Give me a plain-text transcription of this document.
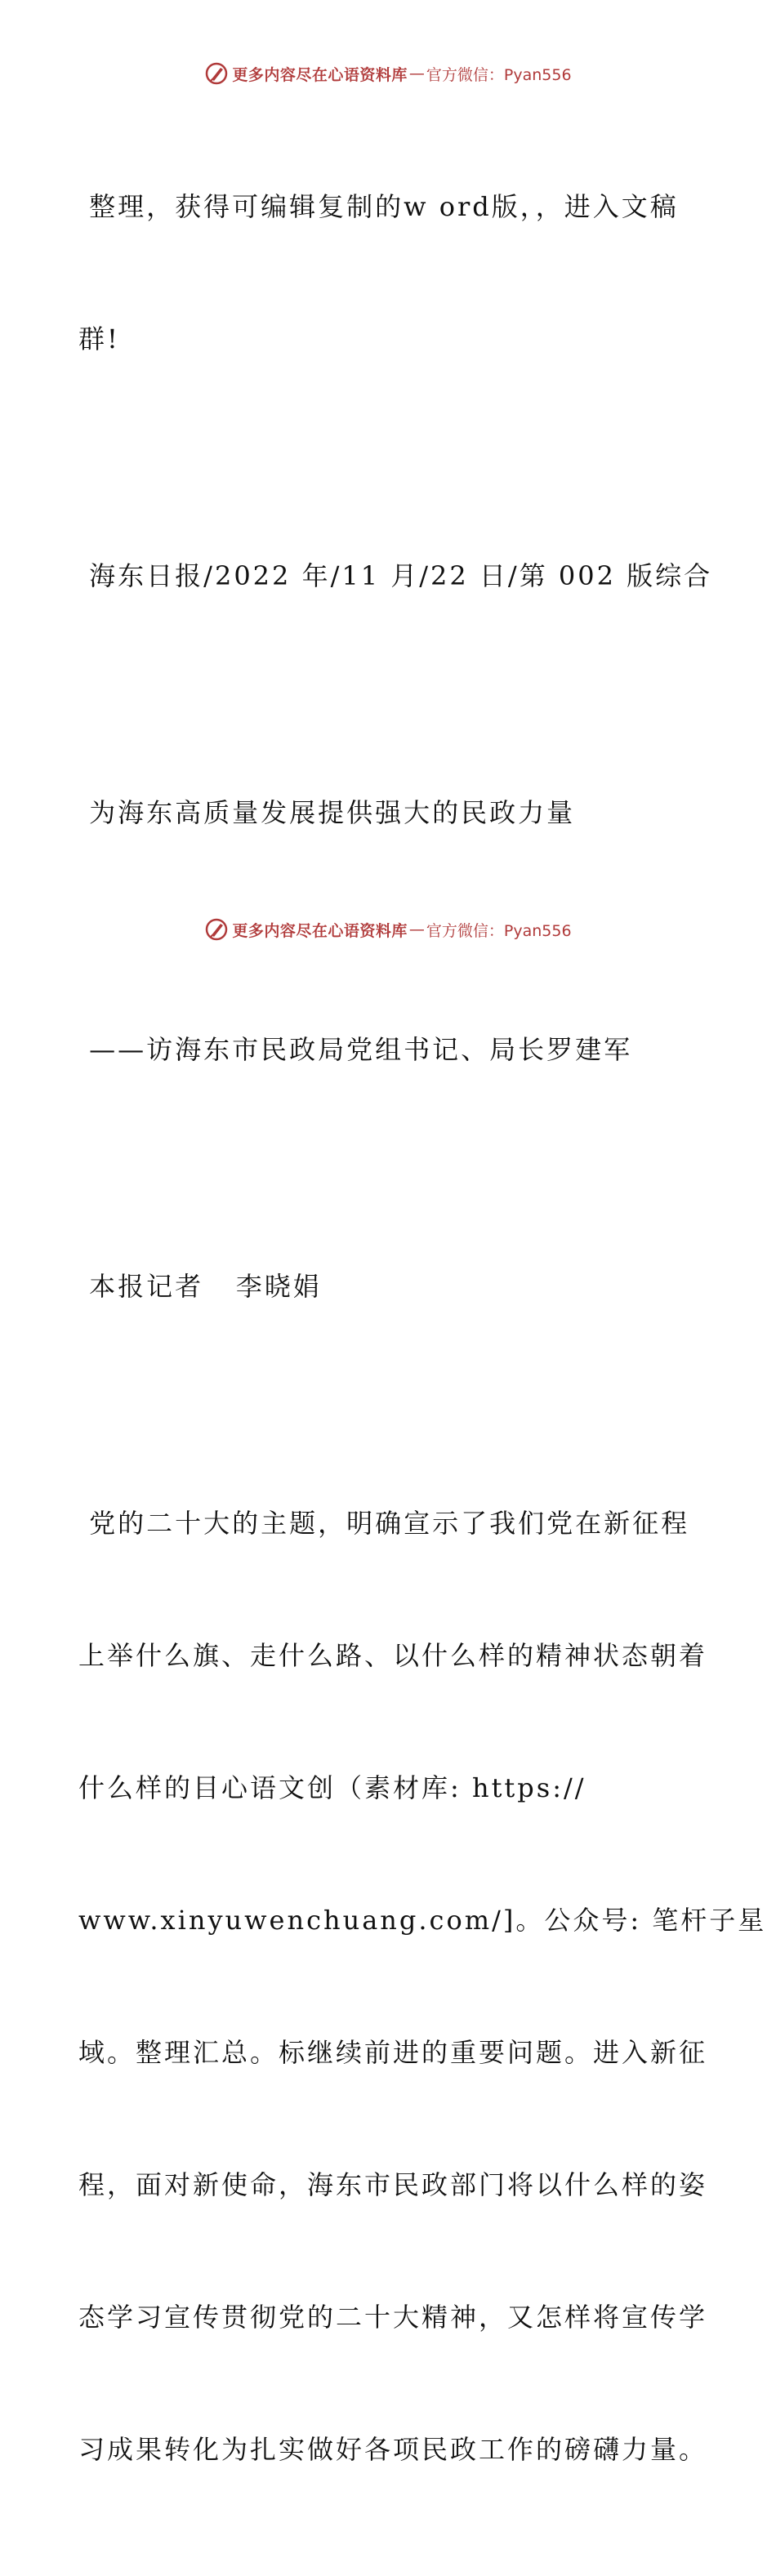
更多内容尽在心语资料库 — 官方微信：Pyan556

整理，获得可编辑复制的w ord版，，进入文稿

群!

海东日报/2022 年/11 月/22 日/第 002 版综合

为海东高质量发展提供强大的民政力量

——访海东市民政局党组书记、局长罗建军

本报记者   李晓娟

党的二十大的主题，明确宣示了我们党在新征程

上举什么旗、走什么路、以什么样的精神状态朝着

什么样的目心语文创（素材库: https://

www.xinyuwenchuang.com/]。公众号: 笔杆子星

域。整理汇总。标继续前进的重要问题。进入新征

程，面对新使命，海东市民政部门将以什么样的姿

态学习宣传贯彻党的二十大精神，又怎样将宣传学

习成果转化为扎实做好各项民政工作的磅礴力量。

更多内容尽在心语资料库 — 官方微信：Pyan556
